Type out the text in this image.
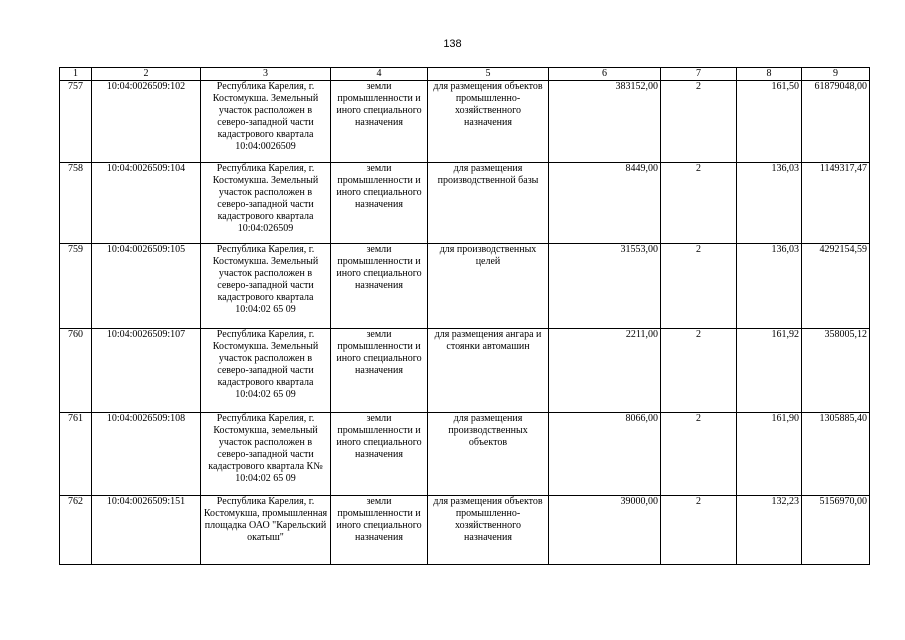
138
1	2	3	4	5	6	7	8	9
757	10:04:0026509:102	Республика Карелия, г. Костомукша. Земельный участок расположен в северо-западной части кадастрового квартала 10:04:0026509	земли промышленности и иного специального назначения	для размещения объектов промышленно-хозяйственного назначения	383152,00	2	161,50	61879048,00
758	10:04:0026509:104	Республика Карелия, г. Костомукша. Земельный участок расположен в северо-западной части кадастрового квартала 10:04:026509	земли промышленности и иного специального назначения	для размещения производственной базы	8449,00	2	136,03	1149317,47
759	10:04:0026509:105	Республика Карелия, г. Костомукша. Земельный участок расположен в северо-западной части кадастрового квартала 10:04:02 65 09	земли промышленности и иного специального назначения	для производственных целей	31553,00	2	136,03	4292154,59
760	10:04:0026509:107	Республика Карелия, г. Костомукша. Земельный участок расположен в северо-западной части кадастрового квартала 10:04:02 65 09	земли промышленности и иного специального назначения	для размещения ангара и стоянки автомашин	2211,00	2	161,92	358005,12
761	10:04:0026509:108	Республика Карелия, г. Костомукша, земельный участок расположен в северо-западной части кадастрового квартала К№ 10:04:02 65 09	земли промышленности и иного специального назначения	для размещения производственных объектов	8066,00	2	161,90	1305885,40
762	10:04:0026509:151	Республика Карелия, г. Костомукша, промышленная площадка ОАО "Карельский окатыш"	земли промышленности и иного специального назначения	для размещения объектов промышленно-хозяйственного назначения	39000,00	2	132,23	5156970,00
